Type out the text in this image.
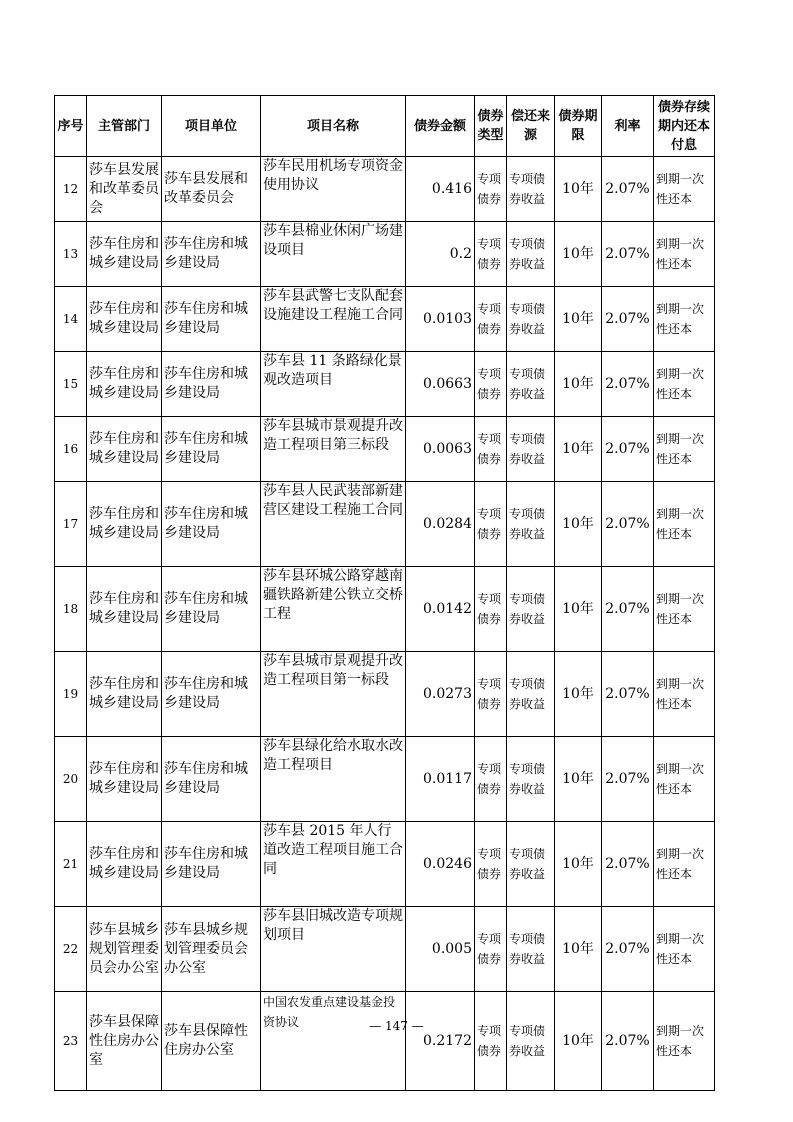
序号	主管部门	项目单位	项目名称	债券金额	债券类型	偿还来源	债券期限	利率	债券存续期内还本付息
12	莎车县发展和改革委员会	莎车县发展和改革委员会	莎车民用机场专项资金使用协议	0.416	专项债券	专项债券收益	10年	2.07%	到期一次性还本
13	莎车住房和城乡建设局	莎车住房和城乡建设局	莎车县棉业休闲广场建设项目	0.2	专项债券	专项债券收益	10年	2.07%	到期一次性还本
14	莎车住房和城乡建设局	莎车住房和城乡建设局	莎车县武警七支队配套设施建设工程施工合同	0.0103	专项债券	专项债券收益	10年	2.07%	到期一次性还本
15	莎车住房和城乡建设局	莎车住房和城乡建设局	莎车县 11 条路绿化景观改造项目	0.0663	专项债券	专项债券收益	10年	2.07%	到期一次性还本
16	莎车住房和城乡建设局	莎车住房和城乡建设局	莎车县城市景观提升改造工程项目第三标段	0.0063	专项债券	专项债券收益	10年	2.07%	到期一次性还本
17	莎车住房和城乡建设局	莎车住房和城乡建设局	莎车县人民武装部新建营区建设工程施工合同	0.0284	专项债券	专项债券收益	10年	2.07%	到期一次性还本
18	莎车住房和城乡建设局	莎车住房和城乡建设局	莎车县环城公路穿越南疆铁路新建公铁立交桥工程	0.0142	专项债券	专项债券收益	10年	2.07%	到期一次性还本
19	莎车住房和城乡建设局	莎车住房和城乡建设局	莎车县城市景观提升改造工程项目第一标段	0.0273	专项债券	专项债券收益	10年	2.07%	到期一次性还本
20	莎车住房和城乡建设局	莎车住房和城乡建设局	莎车县绿化给水取水改造工程项目	0.0117	专项债券	专项债券收益	10年	2.07%	到期一次性还本
21	莎车住房和城乡建设局	莎车住房和城乡建设局	莎车县 2015 年人行道改造工程项目施工合同	0.0246	专项债券	专项债券收益	10年	2.07%	到期一次性还本
22	莎车县城乡规划管理委员会办公室	莎车县城乡规划管理委员会办公室	莎车县旧城改造专项规划项目	0.005	专项债券	专项债券收益	10年	2.07%	到期一次性还本
23	莎车县保障性住房办公室	莎车县保障性住房办公室	中国农发重点建设基金投资协议	0.2172	专项债券	专项债券收益	10年	2.07%	到期一次性还本
— 147 —
